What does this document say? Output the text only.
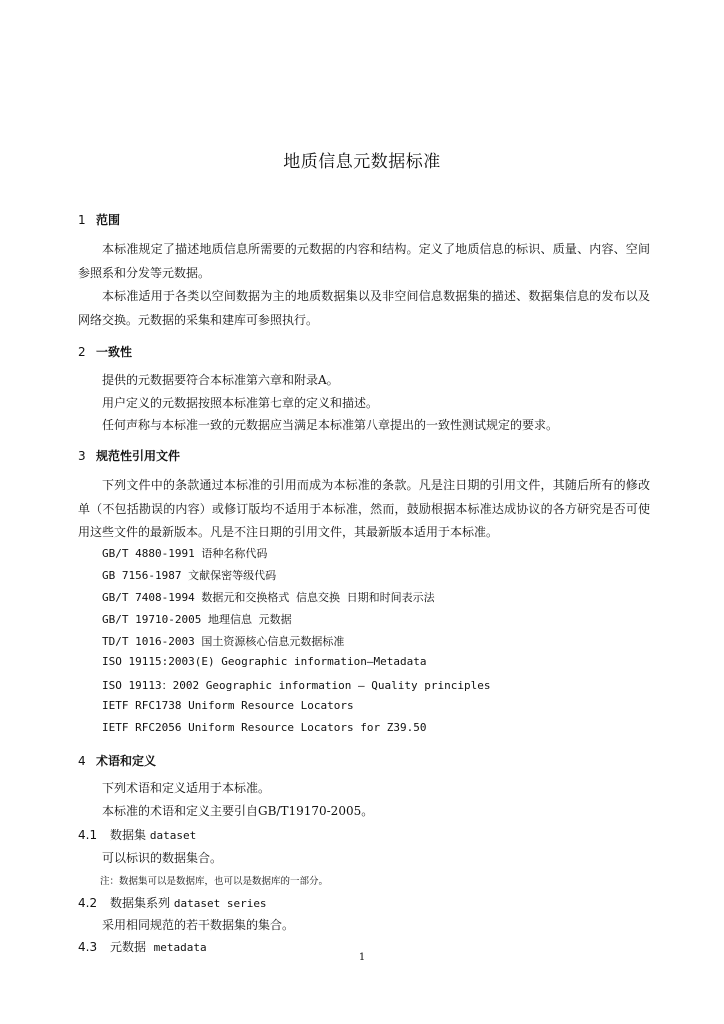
地质信息元数据标准
1 范围
本标准规定了描述地质信息所需要的元数据的内容和结构。定义了地质信息的标识、质量、内容、空间参照系和分发等元数据。
本标准适用于各类以空间数据为主的地质数据集以及非空间信息数据集的描述、数据集信息的发布以及网络交换。元数据的采集和建库可参照执行。
2 一致性
提供的元数据要符合本标准第六章和附录A。
用户定义的元数据按照本标准第七章的定义和描述。
任何声称与本标准一致的元数据应当满足本标准第八章提出的一致性测试规定的要求。
3 规范性引用文件
下列文件中的条款通过本标准的引用而成为本标准的条款。凡是注日期的引用文件，其随后所有的修改单（不包括勘误的内容）或修订版均不适用于本标准，然而，鼓励根据本标准达成协议的各方研究是否可使用这些文件的最新版本。凡是不注日期的引用文件，其最新版本适用于本标准。
GB/T 4880-1991 语种名称代码
GB 7156-1987 文献保密等级代码
GB/T 7408-1994 数据元和交换格式 信息交换 日期和时间表示法
GB/T 19710-2005 地理信息 元数据
TD/T 1016-2003 国土资源核心信息元数据标准
ISO 19115:2003(E) Geographic information—Metadata
ISO 19113：2002 Geographic information – Quality principles
IETF RFC1738 Uniform Resource Locators
IETF RFC2056 Uniform Resource Locators for Z39.50
4 术语和定义
下列术语和定义适用于本标准。
本标准的术语和定义主要引自GB/T19170-2005。
4.1 数据集 dataset
可以标识的数据集合。
注：数据集可以是数据库，也可以是数据库的一部分。
4.2 数据集系列 dataset series
采用相同规范的若干数据集的集合。
4.3 元数据 metadata
1
